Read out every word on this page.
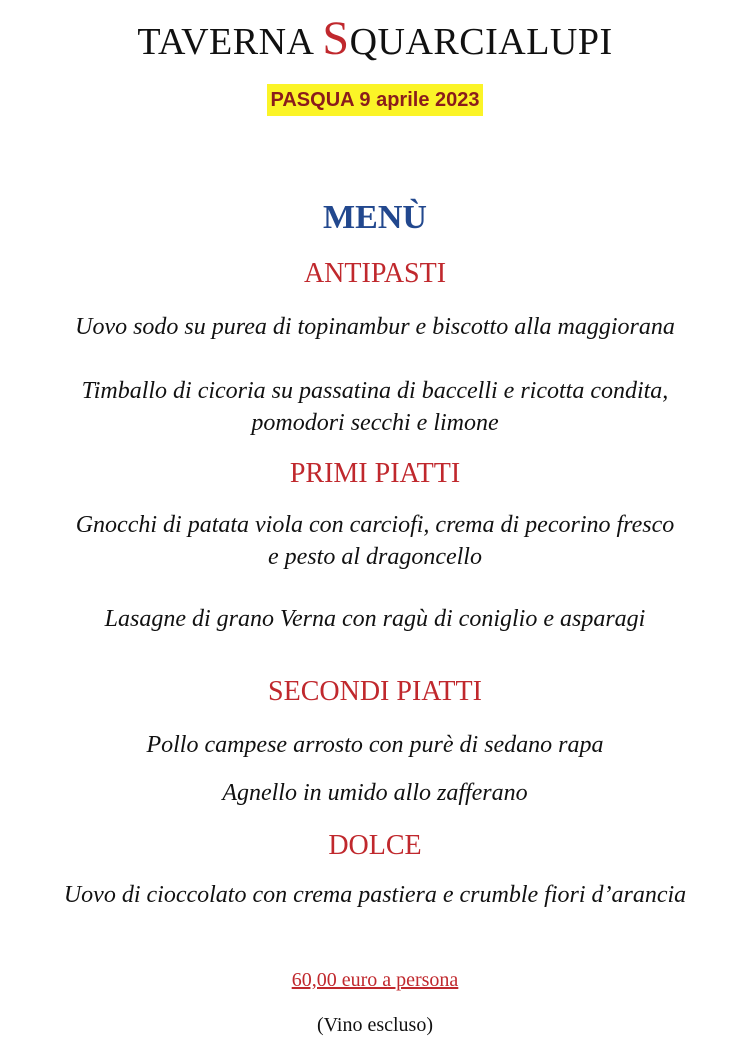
TAVERNA SQUARCIALUPI
PASQUA 9 aprile 2023
MENÙ
ANTIPASTI
Uovo sodo su purea di topinambur e biscotto alla maggiorana
Timballo di cicoria su passatina di baccelli e ricotta condita,
pomodori secchi e limone
PRIMI PIATTI
Gnocchi di patata viola con carciofi, crema di pecorino fresco
e pesto al dragoncello
Lasagne di grano Verna con ragù di coniglio e asparagi
SECONDI PIATTI
Pollo campese arrosto con purè di sedano rapa
Agnello in umido allo zafferano
DOLCE
Uovo di cioccolato con crema pastiera e crumble fiori d’arancia
60,00 euro a persona
(Vino escluso)
